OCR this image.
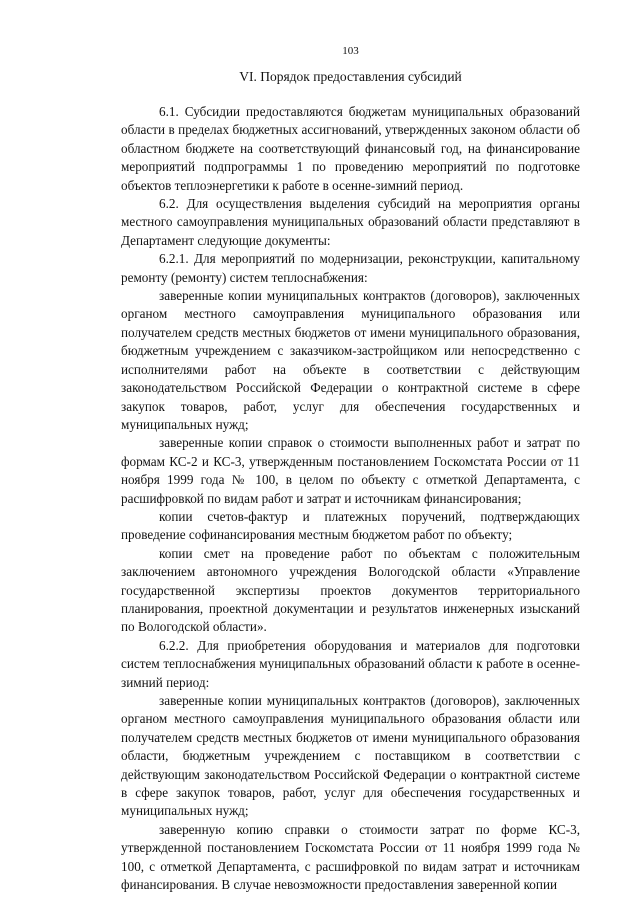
103
VI. Порядок предоставления субсидий

6.1. Субсидии предоставляются бюджетам муниципальных образований области в пределах бюджетных ассигнований, утвержденных законом области об областном бюджете на соответствующий финансовый год, на финансирование мероприятий подпрограммы 1 по проведению мероприятий по подготовке объектов теплоэнергетики к работе в осенне-зимний период.

6.2. Для осуществления выделения субсидий на мероприятия органы местного самоуправления муниципальных образований области представляют в Департамент следующие документы:

6.2.1. Для мероприятий по модернизации, реконструкции, капитальному ремонту (ремонту) систем теплоснабжения:

заверенные копии муниципальных контрактов (договоров), заключенных органом местного самоуправления муниципального образования или получателем средств местных бюджетов от имени муниципального образования, бюджетным учреждением с заказчиком-застройщиком или непосредственно с исполнителями работ на объекте в соответствии с действующим законодательством Российской Федерации о контрактной системе в сфере закупок товаров, работ, услуг для обеспечения государственных и муниципальных нужд;

заверенные копии справок о стоимости выполненных работ и затрат по формам КС-2 и КС-3, утвержденным постановлением Госкомстата России от 11 ноября 1999 года № 100, в целом по объекту с отметкой Департамента, с расшифровкой по видам работ и затрат и источникам финансирования;

копии счетов-фактур и платежных поручений, подтверждающих проведение софинансирования местным бюджетом работ по объекту;

копии смет на проведение работ по объектам с положительным заключением автономного учреждения Вологодской области «Управление государственной экспертизы проектов документов территориального планирования, проектной документации и результатов инженерных изысканий по Вологодской области».

6.2.2. Для приобретения оборудования и материалов для подготовки систем теплоснабжения муниципальных образований области к работе в осенне-зимний период:

заверенные копии муниципальных контрактов (договоров), заключенных органом местного самоуправления муниципального образования области или получателем средств местных бюджетов от имени муниципального образования области, бюджетным учреждением с поставщиком в соответствии с действующим законодательством Российской Федерации о контрактной системе в сфере закупок товаров, работ, услуг для обеспечения государственных и муниципальных нужд;

заверенную копию справки о стоимости затрат по форме КС-3, утвержденной постановлением Госкомстата России от 11 ноября 1999 года № 100, с отметкой Департамента, с расшифровкой по видам затрат и источникам финансирования. В случае невозможности предоставления заверенной копии
